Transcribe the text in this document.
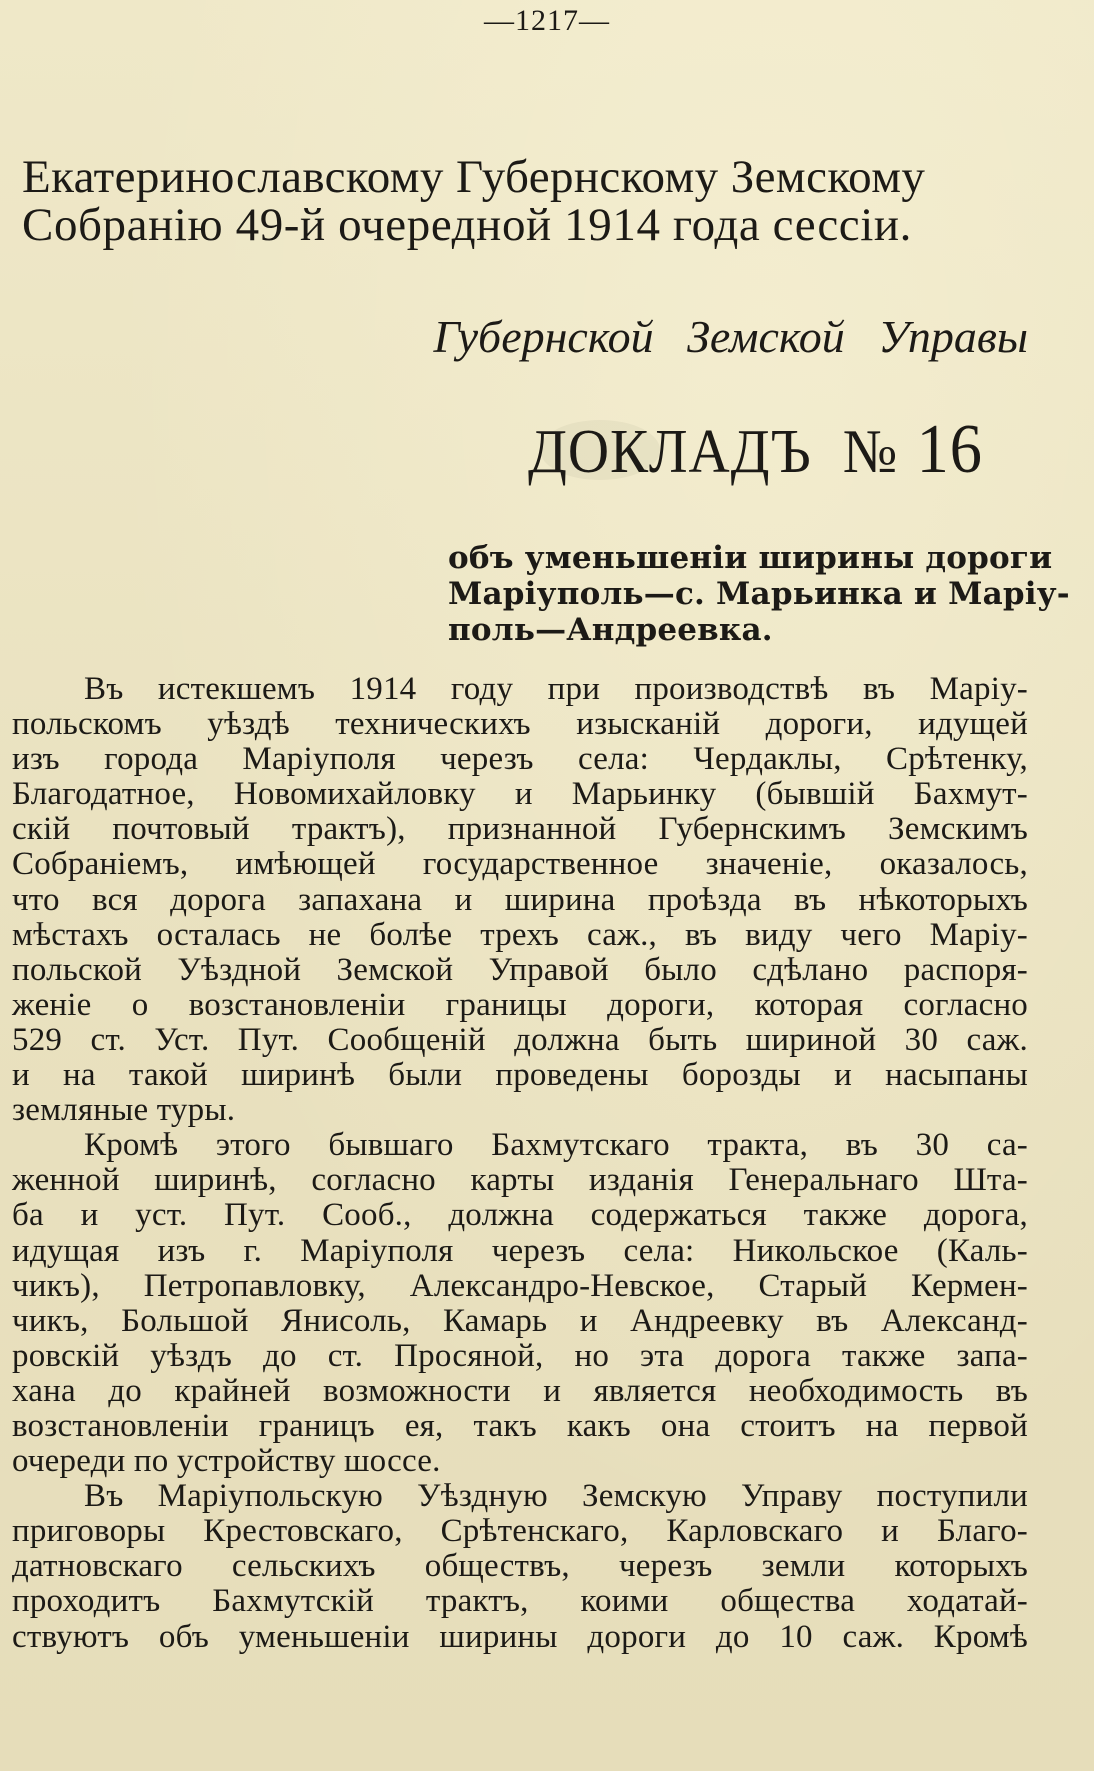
—1217—
Екатеринославскому Губернскому Земскому
Собранію 49-й очередной 1914 года сессіи.
Губернской Земской Управы
ДОКЛАДЪ № 16
объ уменьшеніи ширины дороги
Маріуполь—с. Марьинка и Маріу-
поль—Андреевка.
Въ истекшемъ 1914 году при производствѣ въ Маріу-
польскомъ уѣздѣ техническихъ изысканій дороги, идущей
изъ города Маріуполя черезъ села: Чердаклы, Срѣтенку,
Благодатное, Новомихайловку и Марьинку (бывшій Бахмут-
скій почтовый трактъ), признанной Губернскимъ Земскимъ
Собраніемъ, имѣющей государственное значеніе, оказалось,
что вся дорога запахана и ширина проѣзда въ нѣкоторыхъ
мѣстахъ осталась не болѣе трехъ саж., въ виду чего Маріу-
польской Уѣздной Земской Управой было сдѣлано распоря-
женіе о возстановленіи границы дороги, которая согласно
529 ст. Уст. Пут. Сообщеній должна быть шириной 30 саж.
и на такой ширинѣ были проведены борозды и насыпаны
земляные туры.
Кромѣ этого бывшаго Бахмутскаго тракта, въ 30 са-
женной ширинѣ, согласно карты изданія Генеральнаго Шта-
ба и уст. Пут. Сооб., должна содержаться также дорога,
идущая изъ г. Маріуполя черезъ села: Никольское (Каль-
чикъ), Петропавловку, Александро-Невское, Старый Кермен-
чикъ, Большой Янисоль, Камарь и Андреевку въ Александ-
ровскій уѣздъ до ст. Просяной, но эта дорога также запа-
хана до крайней возможности и является необходимость въ
возстановленіи границъ ея, такъ какъ она стоитъ на первой
очереди по устройству шоссе.
Въ Маріупольскую Уѣздную Земскую Управу поступили
приговоры Крестовскаго, Срѣтенскаго, Карловскаго и Благо-
датновскаго сельскихъ обществъ, черезъ земли которыхъ
проходитъ Бахмутскій трактъ, коими общества ходатай-
ствуютъ объ уменьшеніи ширины дороги до 10 саж. Кромѣ
